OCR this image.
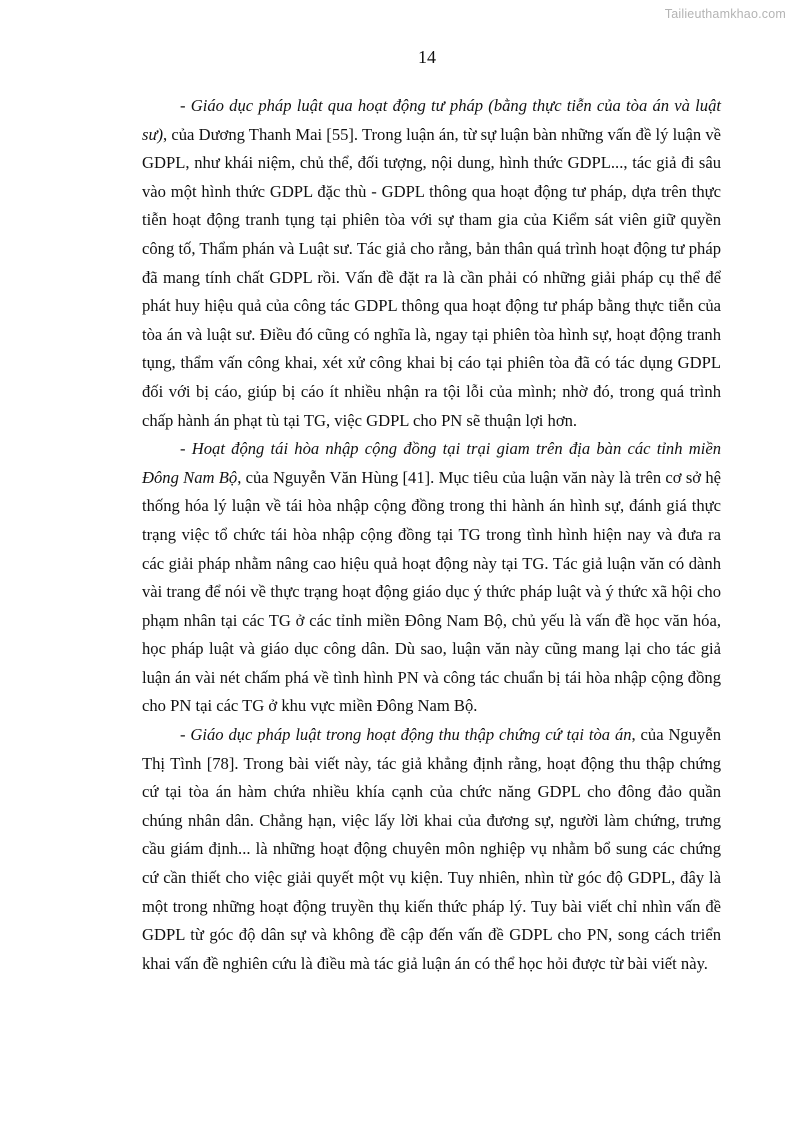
Tailieuthamkhao.com
14

- Giáo dục pháp luật qua hoạt động tư pháp (bằng thực tiễn của tòa án và luật sư), của Dương Thanh Mai [55]. Trong luận án, từ sự luận bàn những vấn đề lý luận về GDPL, như khái niệm, chủ thể, đối tượng, nội dung, hình thức GDPL..., tác giả đi sâu vào một hình thức GDPL đặc thù - GDPL thông qua hoạt động tư pháp, dựa trên thực tiễn hoạt động tranh tụng tại phiên tòa với sự tham gia của Kiểm sát viên giữ quyền công tố, Thẩm phán và Luật sư. Tác giả cho rằng, bản thân quá trình hoạt động tư pháp đã mang tính chất GDPL rồi. Vấn đề đặt ra là cần phải có những giải pháp cụ thể để phát huy hiệu quả của công tác GDPL thông qua hoạt động tư pháp bằng thực tiễn của tòa án và luật sư. Điều đó cũng có nghĩa là, ngay tại phiên tòa hình sự, hoạt động tranh tụng, thẩm vấn công khai, xét xử công khai bị cáo tại phiên tòa đã có tác dụng GDPL đối với bị cáo, giúp bị cáo ít nhiều nhận ra tội lỗi của mình; nhờ đó, trong quá trình chấp hành án phạt tù tại TG, việc GDPL cho PN sẽ thuận lợi hơn.

- Hoạt động tái hòa nhập cộng đồng tại trại giam trên địa bàn các tỉnh miền Đông Nam Bộ, của Nguyễn Văn Hùng [41]. Mục tiêu của luận văn này là trên cơ sở hệ thống hóa lý luận về tái hòa nhập cộng đồng trong thi hành án hình sự, đánh giá thực trạng việc tổ chức tái hòa nhập cộng đồng tại TG trong tình hình hiện nay và đưa ra các giải pháp nhằm nâng cao hiệu quả hoạt động này tại TG. Tác giả luận văn có dành vài trang để nói về thực trạng hoạt động giáo dục ý thức pháp luật và ý thức xã hội cho phạm nhân tại các TG ở các tỉnh miền Đông Nam Bộ, chủ yếu là vấn đề học văn hóa, học pháp luật và giáo dục công dân. Dù sao, luận văn này cũng mang lại cho tác giả luận án vài nét chấm phá về tình hình PN và công tác chuẩn bị tái hòa nhập cộng đồng cho PN tại các TG ở khu vực miền Đông Nam Bộ.

- Giáo dục pháp luật trong hoạt động thu thập chứng cứ tại tòa án, của Nguyễn Thị Tình [78]. Trong bài viết này, tác giả khẳng định rằng, hoạt động thu thập chứng cứ tại tòa án hàm chứa nhiều khía cạnh của chức năng GDPL cho đông đảo quần chúng nhân dân. Chẳng hạn, việc lấy lời khai của đương sự, người làm chứng, trưng cầu giám định... là những hoạt động chuyên môn nghiệp vụ nhằm bổ sung các chứng cứ cần thiết cho việc giải quyết một vụ kiện. Tuy nhiên, nhìn từ góc độ GDPL, đây là một trong những hoạt động truyền thụ kiến thức pháp lý. Tuy bài viết chỉ nhìn vấn đề GDPL từ góc độ dân sự và không đề cập đến vấn đề GDPL cho PN, song cách triển khai vấn đề nghiên cứu là điều mà tác giả luận án có thể học hỏi được từ bài viết này.
